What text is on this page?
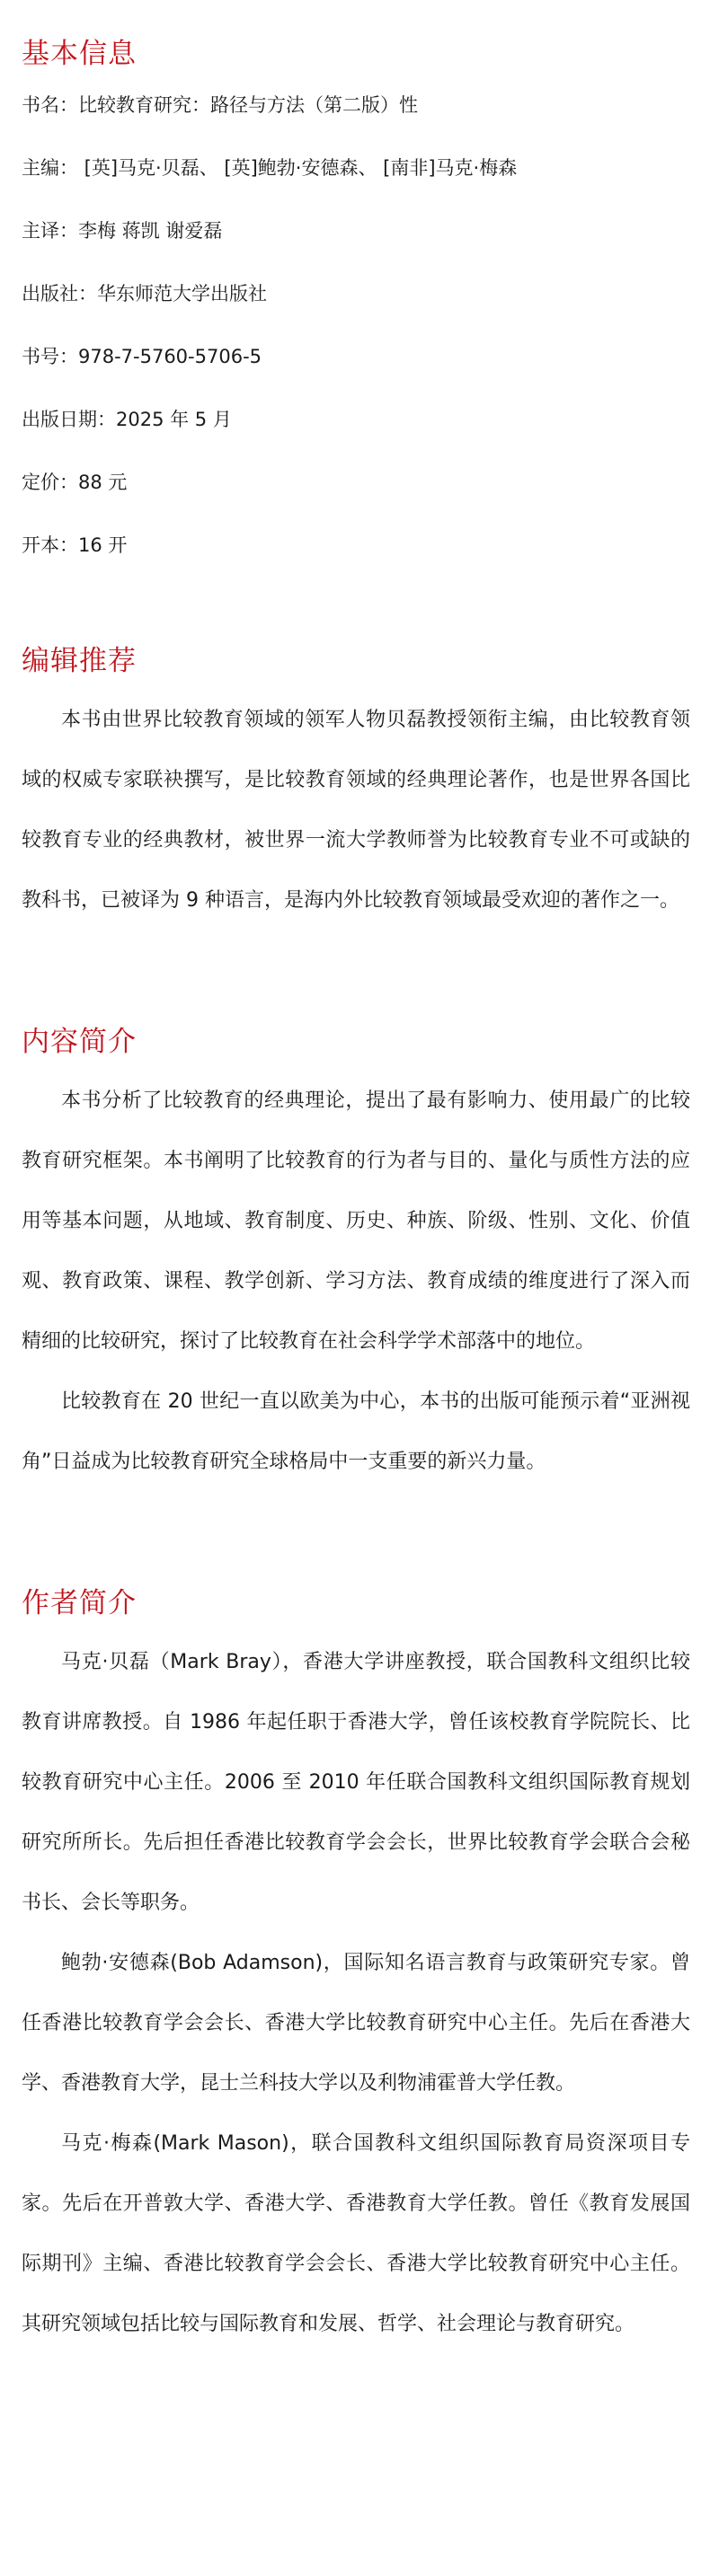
基本信息
书名：比较教育研究：路径与方法（第二版）性
主编： [英]马克·贝磊、 [英]鲍勃·安德森、 [南非]马克·梅森
主译：李梅 蒋凯 谢爱磊
出版社：华东师范大学出版社
书号：978-7-5760-5706-5
出版日期：2025 年 5 月
定价：88 元
开本：16 开
编辑推荐

本书由世界比较教育领域的领军人物贝磊教授领衔主编，由比较教育领域的权威专家联袂撰写，是比较教育领域的经典理论著作，也是世界各国比较教育专业的经典教材，被世界一流大学教师誉为比较教育专业不可或缺的教科书，已被译为 9 种语言，是海内外比较教育领域最受欢迎的著作之一。

内容简介

本书分析了比较教育的经典理论，提出了最有影响力、使用最广的比较教育研究框架。本书阐明了比较教育的行为者与目的、量化与质性方法的应用等基本问题，从地域、教育制度、历史、种族、阶级、性别、文化、价值观、教育政策、课程、教学创新、学习方法、教育成绩的维度进行了深入而精细的比较研究，探讨了比较教育在社会科学学术部落中的地位。

比较教育在 20 世纪一直以欧美为中心，本书的出版可能预示着“亚洲视角”日益成为比较教育研究全球格局中一支重要的新兴力量。

作者简介

马克·贝磊（Mark Bray），香港大学讲座教授，联合国教科文组织比较教育讲席教授。自 1986 年起任职于香港大学，曾任该校教育学院院长、比较教育研究中心主任。2006 至 2010 年任联合国教科文组织国际教育规划研究所所长。先后担任香港比较教育学会会长，世界比较教育学会联合会秘书长、会长等职务。

鲍勃·安德森(Bob Adamson)，国际知名语言教育与政策研究专家。曾任香港比较教育学会会长、香港大学比较教育研究中心主任。先后在香港大学、香港教育大学，昆士兰科技大学以及利物浦霍普大学任教。

马克·梅森(Mark Mason)，联合国教科文组织国际教育局资深项目专家。先后在开普敦大学、香港大学、香港教育大学任教。曾任《教育发展国际期刊》主编、香港比较教育学会会长、香港大学比较教育研究中心主任。其研究领域包括比较与国际教育和发展、哲学、社会理论与教育研究。
